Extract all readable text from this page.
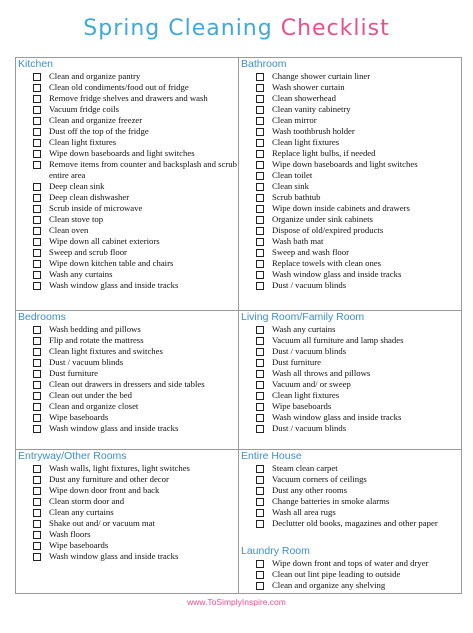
Spring Cleaning Checklist
Kitchen
Clean and organize pantry
Clean old condiments/food out of fridge
Remove fridge shelves and drawers and wash
Vacuum fridge coils
Clean and organize freezer
Dust off the top of the fridge
Clean light fixtures
Wipe down baseboards and light switches
Remove items from counter and backsplash and scrub entire area
Deep clean sink
Deep clean dishwasher
Scrub inside of microwave
Clean stove top
Clean oven
Wipe down all cabinet exteriors
Sweep and scrub floor
Wipe down kitchen table and chairs
Wash any curtains
Wash window glass and inside tracks
Bathroom
Change shower curtain liner
Wash shower curtain
Clean showerhead
Clean vanity cabinetry
Clean mirror
Wash toothbrush holder
Clean light fixtures
Replace light bulbs, if needed
Wipe down baseboards and light switches
Clean toilet
Clean sink
Scrub bathtub
Wipe down inside cabinets and drawers
Organize under sink cabinets
Dispose of old/expired products
Wash bath mat
Sweep and wash floor
Replace towels with clean ones
Wash window glass and inside tracks
Dust / vacuum blinds
Bedrooms
Wash bedding and pillows
Flip and rotate the mattress
Clean light fixtures and switches
Dust / vacuum blinds
Dust furniture
Clean out drawers in dressers and side tables
Clean out under the bed
Clean and organize closet
Wipe baseboards
Wash window glass and inside tracks
Living Room/Family Room
Wash any curtains
Vacuum all furniture and lamp shades
Dust / vacuum blinds
Dust furniture
Wash all throws and pillows
Vacuum and/ or sweep
Clean light fixtures
Wipe baseboards
Wash window glass and inside tracks
Dust / vacuum blinds
Entryway/Other Rooms
Wash walls, light fixtures, light switches
Dust any furniture and other decor
Wipe down door front and back
Clean storm door and
Clean any curtains
Shake out and/ or vacuum mat
Wash floors
Wipe baseboards
Wash window glass and inside tracks
Entire House
Steam clean carpet
Vacuum corners of ceilings
Dust any other rooms
Change batteries in smoke alarms
Wash all area rugs
Declutter old books, magazines and other paper
Laundry Room
Wipe down front and tops of water and dryer
Clean out lint pipe leading to outside
Clean and organize any shelving
www.ToSimplyInspire.com
